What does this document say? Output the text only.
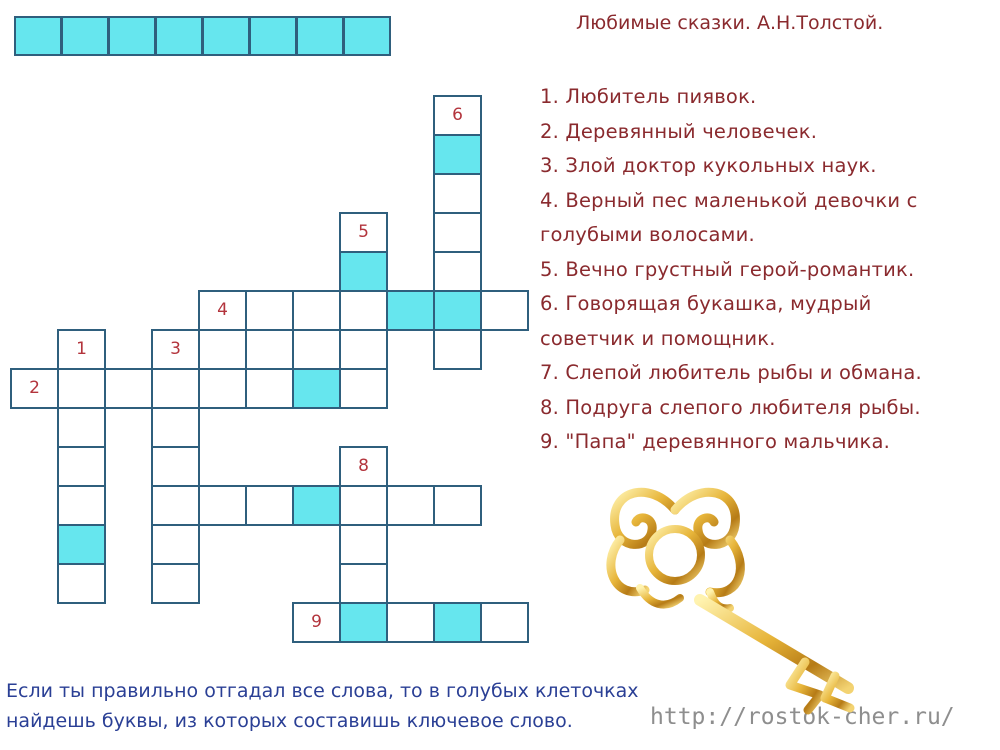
6
5
4
1	3
2
8
9
Любимые сказки. А.Н.Толстой.
1. Любитель пиявок.
2. Деревянный человечек.
3. Злой доктор кукольных наук.
4. Верный пес маленькой девочки с
голубыми волосами.
5. Вечно грустный герой-романтик.
6. Говорящая букашка, мудрый
советчик и помощник.
7. Слепой любитель рыбы и обмана.
8. Подруга слепого любителя рыбы.
9. "Папа" деревянного мальчика.
Если ты правильно отгадал все слова, то в голубых клеточках
найдешь буквы, из которых составишь ключевое слово.	http://rostok-cher.ru/
